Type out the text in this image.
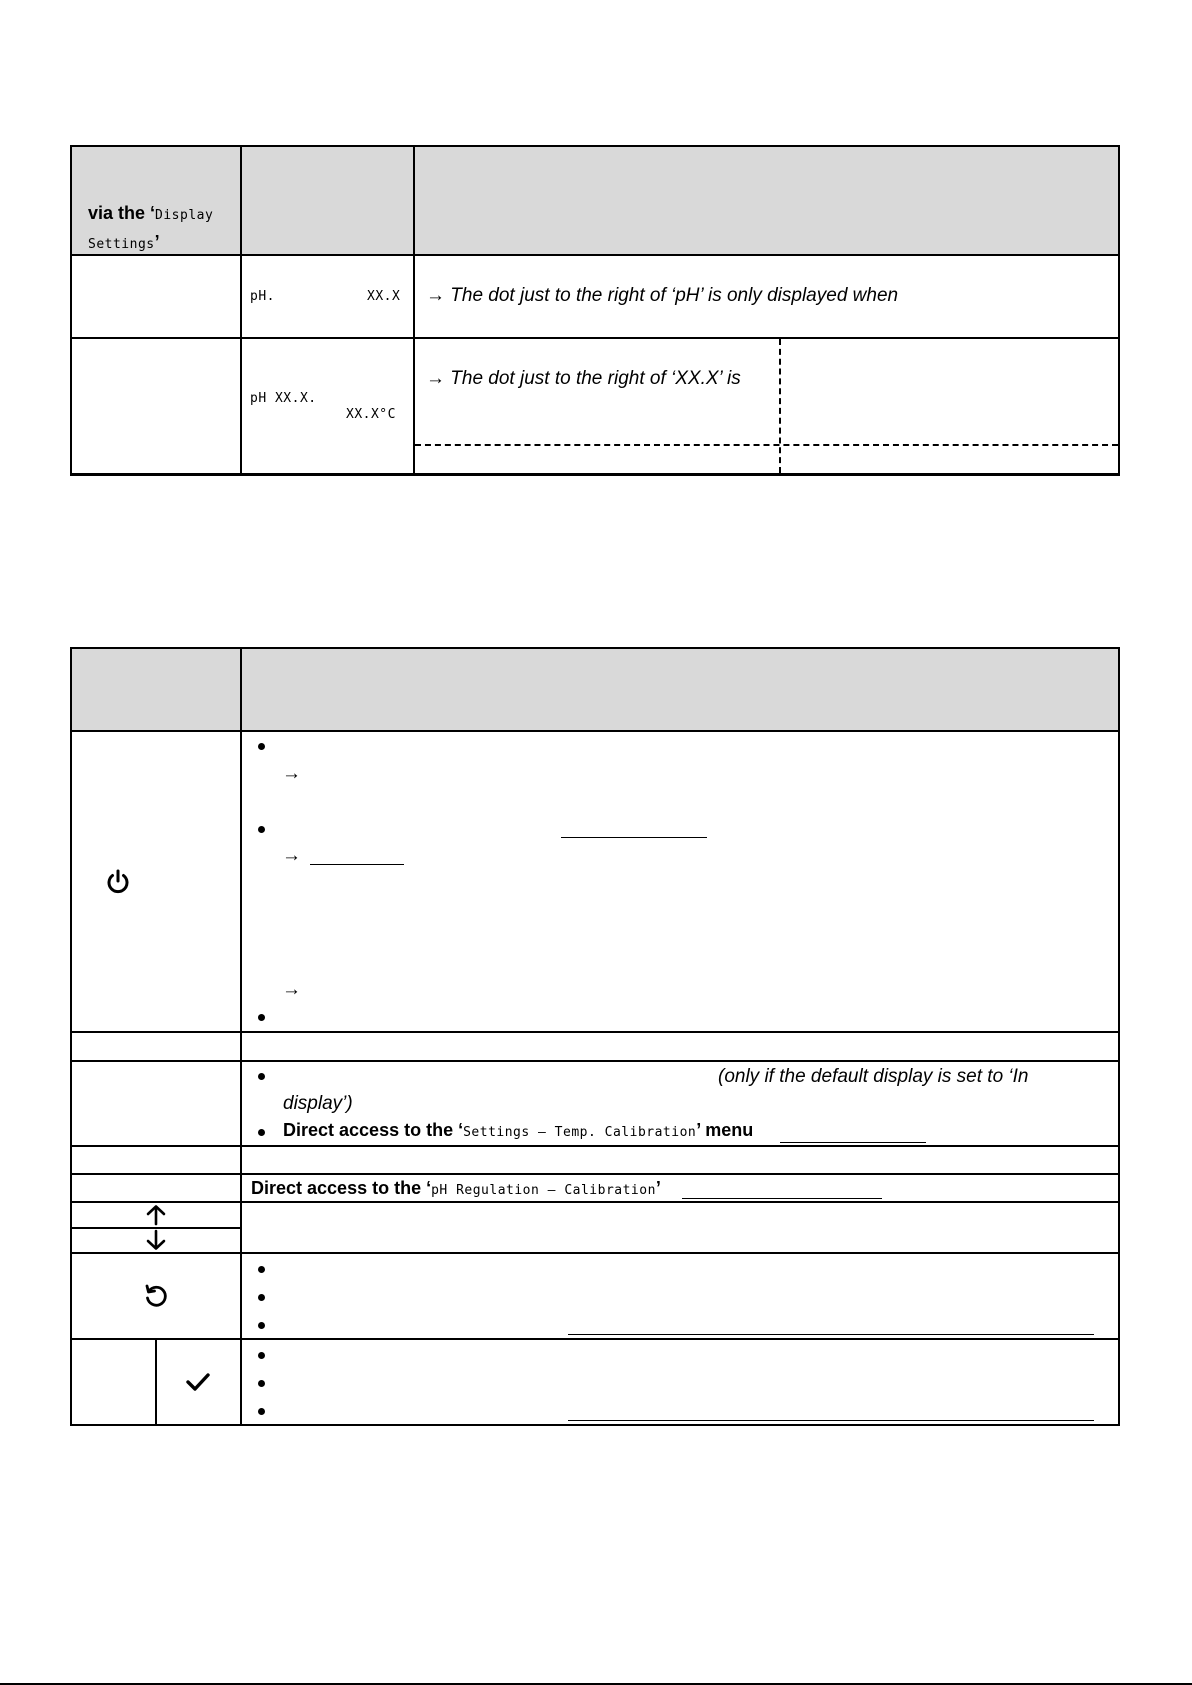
via the ‘Display
Settings’
pH.	XX.X → The dot just to the right of ‘pH’ is only displayed when
pH XX.X.
XX.X°C
→ The dot just to the right of ‘XX.X’ is
→
→
→
(only if the default display is set to ‘In
display’)
Direct access to the ‘Settings – Temp. Calibration’ menu
Direct access to the ‘pH Regulation – Calibration’
